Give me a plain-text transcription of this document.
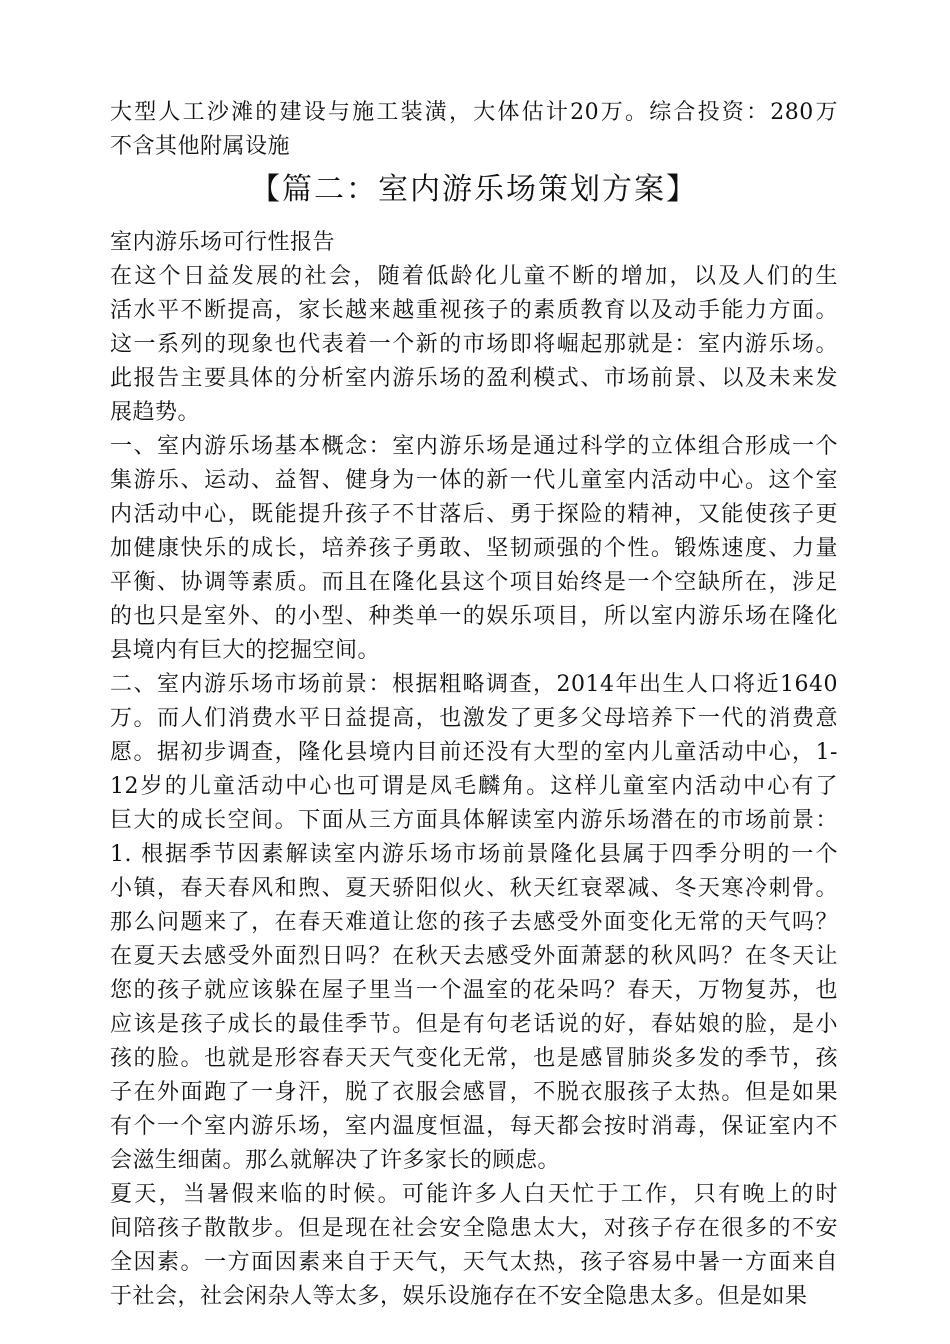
大型人工沙滩的建设与施工装潢，大体估计20万。综合投资：280万
不含其他附属设施
【篇二：室内游乐场策划方案】
室内游乐场可行性报告
在这个日益发展的社会，随着低龄化儿童不断的增加，以及人们的生
活水平不断提高，家长越来越重视孩子的素质教育以及动手能力方面。
这一系列的现象也代表着一个新的市场即将崛起那就是：室内游乐场。
此报告主要具体的分析室内游乐场的盈利模式、市场前景、以及未来发
展趋势。
一、室内游乐场基本概念：室内游乐场是通过科学的立体组合形成一个
集游乐、运动、益智、健身为一体的新一代儿童室内活动中心。这个室
内活动中心，既能提升孩子不甘落后、勇于探险的精神，又能使孩子更
加健康快乐的成长，培养孩子勇敢、坚韧顽强的个性。锻炼速度、力量
平衡、协调等素质。而且在隆化县这个项目始终是一个空缺所在，涉足
的也只是室外、的小型、种类单一的娱乐项目，所以室内游乐场在隆化
县境内有巨大的挖掘空间。
二、室内游乐场市场前景：根据粗略调查，2014年出生人口将近1640
万。而人们消费水平日益提高，也激发了更多父母培养下一代的消费意
愿。据初步调查，隆化县境内目前还没有大型的室内儿童活动中心，1-
12岁的儿童活动中心也可谓是凤毛麟角。这样儿童室内活动中心有了
巨大的成长空间。下面从三方面具体解读室内游乐场潜在的市场前景：
1. 根据季节因素解读室内游乐场市场前景隆化县属于四季分明的一个
小镇，春天春风和煦、夏天骄阳似火、秋天红衰翠减、冬天寒冷刺骨。
那么问题来了，在春天难道让您的孩子去感受外面变化无常的天气吗？
在夏天去感受外面烈日吗？在秋天去感受外面萧瑟的秋风吗？在冬天让
您的孩子就应该躲在屋子里当一个温室的花朵吗？春天，万物复苏，也
应该是孩子成长的最佳季节。但是有句老话说的好，春姑娘的脸，是小
孩的脸。也就是形容春天天气变化无常，也是感冒肺炎多发的季节，孩
子在外面跑了一身汗，脱了衣服会感冒，不脱衣服孩子太热。但是如果
有个一个室内游乐场，室内温度恒温，每天都会按时消毒，保证室内不
会滋生细菌。那么就解决了许多家长的顾虑。
夏天，当暑假来临的时候。可能许多人白天忙于工作，只有晚上的时
间陪孩子散散步。但是现在社会安全隐患太大，对孩子存在很多的不安
全因素。一方面因素来自于天气，天气太热，孩子容易中暑一方面来自
于社会，社会闲杂人等太多，娱乐设施存在不安全隐患太多。但是如果
